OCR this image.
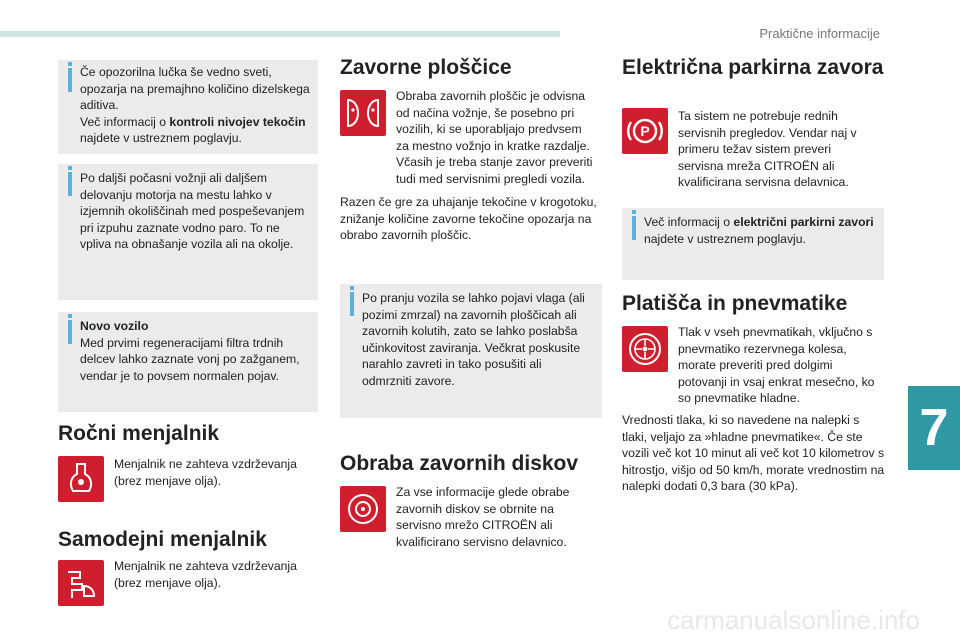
Praktične informacije

Če opozorilna lučka še vedno sveti, opozarja na premajhno količino dizelskega aditiva.

Več informacij o kontroli nivojev tekočin najdete v ustreznem poglavju.

Po daljši počasni vožnji ali daljšem delovanju motorja na mestu lahko v izjemnih okoliščinah med pospeševanjem pri izpuhu zaznate vodno paro. To ne vpliva na obnašanje vozila ali na okolje.

Novo vozilo

Med prvimi regeneracijami filtra trdnih delcev lahko zaznate vonj po zažganem, vendar je to povsem normalen pojav.

Ročni menjalnik

Menjalnik ne zahteva vzdrževanja (brez menjave olja).

Samodejni menjalnik

Menjalnik ne zahteva vzdrževanja (brez menjave olja).

Zavorne ploščice

Obraba zavornih ploščic je odvisna od načina vožnje, še posebno pri vozilih, ki se uporabljajo predvsem za mestno vožnjo in kratke razdalje. Včasih je treba stanje zavor preveriti tudi med servisnimi pregledi vozila.

Razen če gre za uhajanje tekočine v krogotoku, znižanje količine zavorne tekočine opozarja na obrabo zavornih ploščic.

Po pranju vozila se lahko pojavi vlaga (ali pozimi zmrzal) na zavornih ploščicah ali zavornih kolutih, zato se lahko poslabša učinkovitost zaviranja. Večkrat poskusite narahlo zavreti in tako posušiti ali odmrzniti zavore.

Obraba zavornih diskov

Za vse informacije glede obrabe zavornih diskov se obrnite na servisno mrežo CITROËN ali kvalificirano servisno delavnico.

Električna parkirna zavora
P

Ta sistem ne potrebuje rednih servisnih pregledov. Vendar naj v primeru težav sistem preveri servisna mreža CITROËN ali kvalificirana servisna delavnica.

Več informacij o električni parkirni zavori najdete v ustreznem poglavju.

Platišča in pnevmatike

Tlak v vseh pnevmatikah, vključno s pnevmatiko rezervnega kolesa, morate preveriti pred dolgimi potovanji in vsaj enkrat mesečno, ko so pnevmatike hladne.

Vrednosti tlaka, ki so navedene na nalepki s tlaki, veljajo za »hladne pnevmatike«. Če ste vozili več kot 10 minut ali več kot 10 kilometrov s hitrostjo, višjo od 50 km/h, morate vrednostim na nalepki dodati 0,3 bara (30 kPa).

7
carmanualsonline.info
